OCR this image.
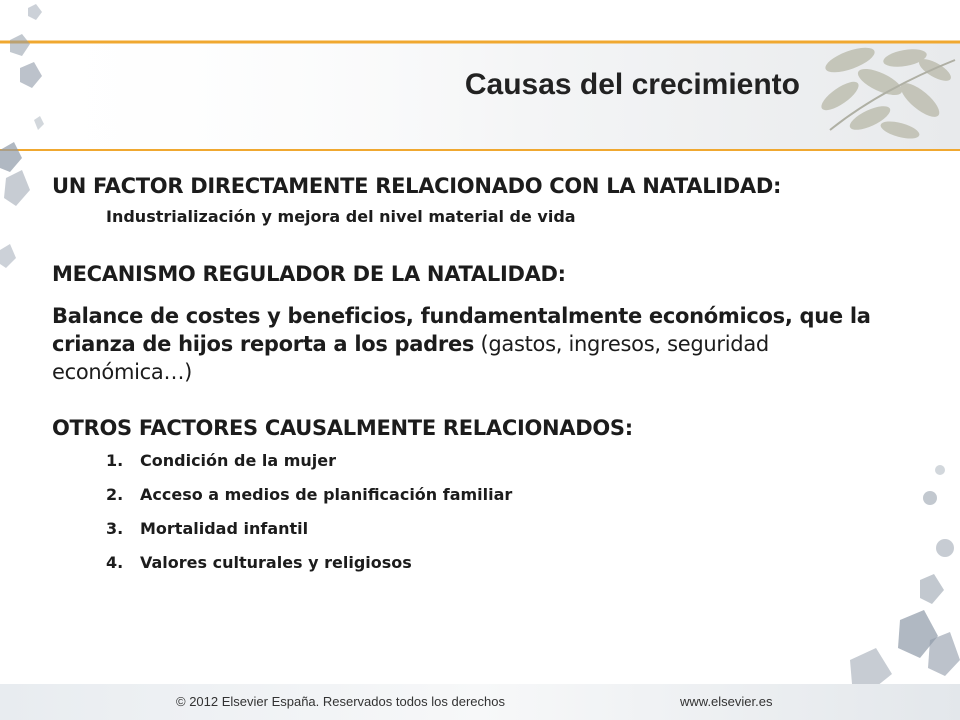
Causas del crecimiento

UN FACTOR DIRECTAMENTE RELACIONADO CON LA NATALIDAD:

Industrialización y mejora del nivel material de vida

MECANISMO REGULADOR DE LA NATALIDAD:

Balance de costes y beneficios, fundamentalmente económicos, que la crianza de hijos reporta a los padres (gastos, ingresos, seguridad económica…)

OTROS FACTORES CAUSALMENTE RELACIONADOS:

1. Condición de la mujer
2. Acceso a medios de planificación familiar
3. Mortalidad infantil
4. Valores culturales y religiosos
© 2012 Elsevier España. Reservados todos los derechos	www.elsevier.es
